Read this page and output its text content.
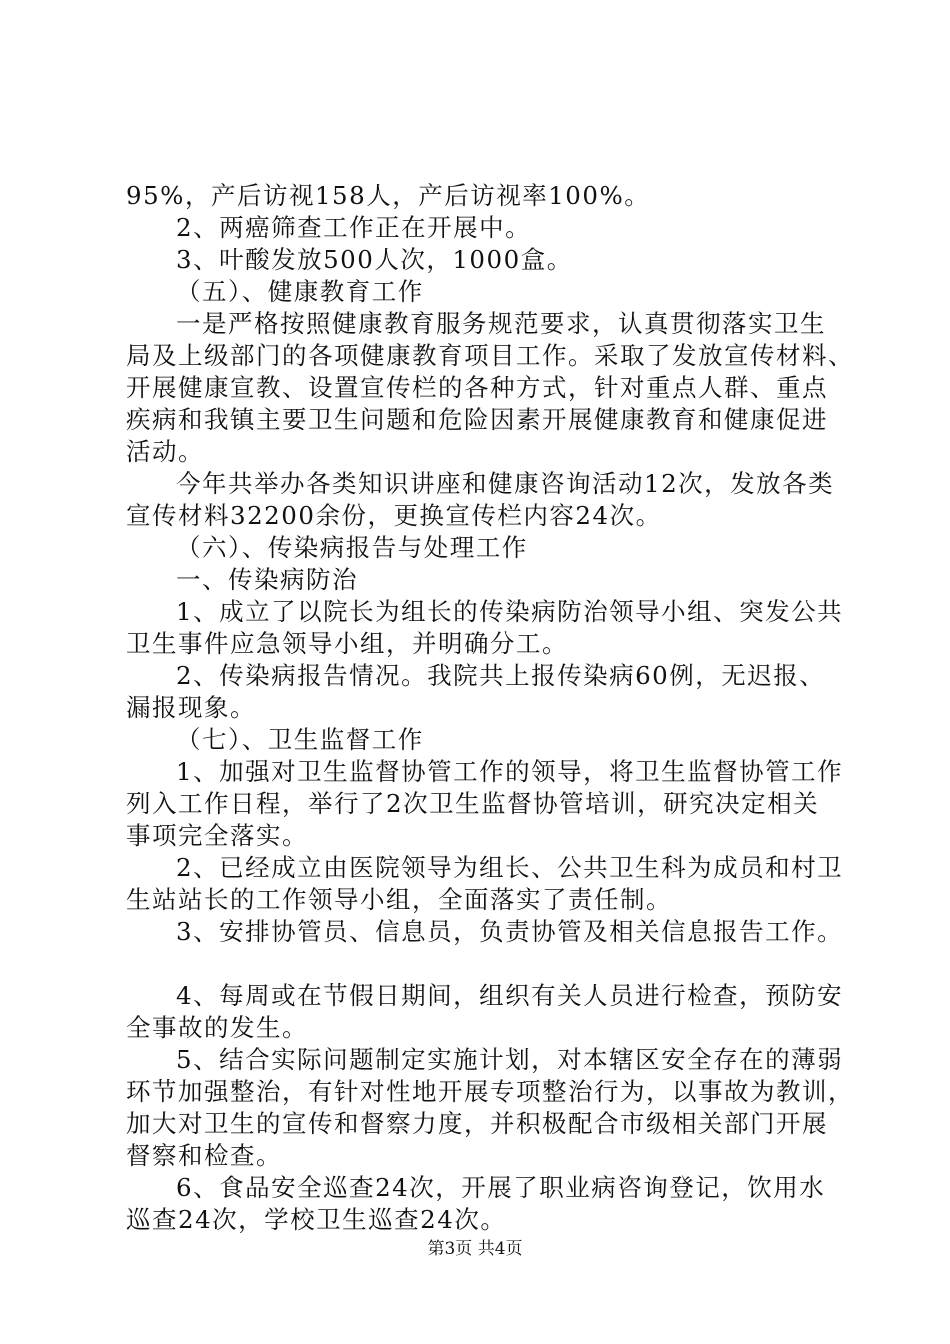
95%，产后访视158人，产后访视率100%。
2、两癌筛查工作正在开展中。
3、叶酸发放500人次，1000盒。
（五）、健康教育工作
一是严格按照健康教育服务规范要求，认真贯彻落实卫生
局及上级部门的各项健康教育项目工作。采取了发放宣传材料、
开展健康宣教、设置宣传栏的各种方式，针对重点人群、重点
疾病和我镇主要卫生问题和危险因素开展健康教育和健康促进
活动。
今年共举办各类知识讲座和健康咨询活动12次，发放各类
宣传材料32200余份，更换宣传栏内容24次。
（六）、传染病报告与处理工作
一、传染病防治
1、成立了以院长为组长的传染病防治领导小组、突发公共
卫生事件应急领导小组，并明确分工。
2、传染病报告情况。我院共上报传染病60例，无迟报、
漏报现象。
（七）、卫生监督工作
1、加强对卫生监督协管工作的领导，将卫生监督协管工作
列入工作日程，举行了2次卫生监督协管培训，研究决定相关
事项完全落实。
2、已经成立由医院领导为组长、公共卫生科为成员和村卫
生站站长的工作领导小组，全面落实了责任制。
3、安排协管员、信息员，负责协管及相关信息报告工作。
4、每周或在节假日期间，组织有关人员进行检查，预防安
全事故的发生。
5、结合实际问题制定实施计划，对本辖区安全存在的薄弱
环节加强整治，有针对性地开展专项整治行为，以事故为教训，
加大对卫生的宣传和督察力度，并积极配合市级相关部门开展
督察和检查。
6、食品安全巡查24次，开展了职业病咨询登记，饮用水
巡查24次，学校卫生巡查24次。
第3页 共4页
